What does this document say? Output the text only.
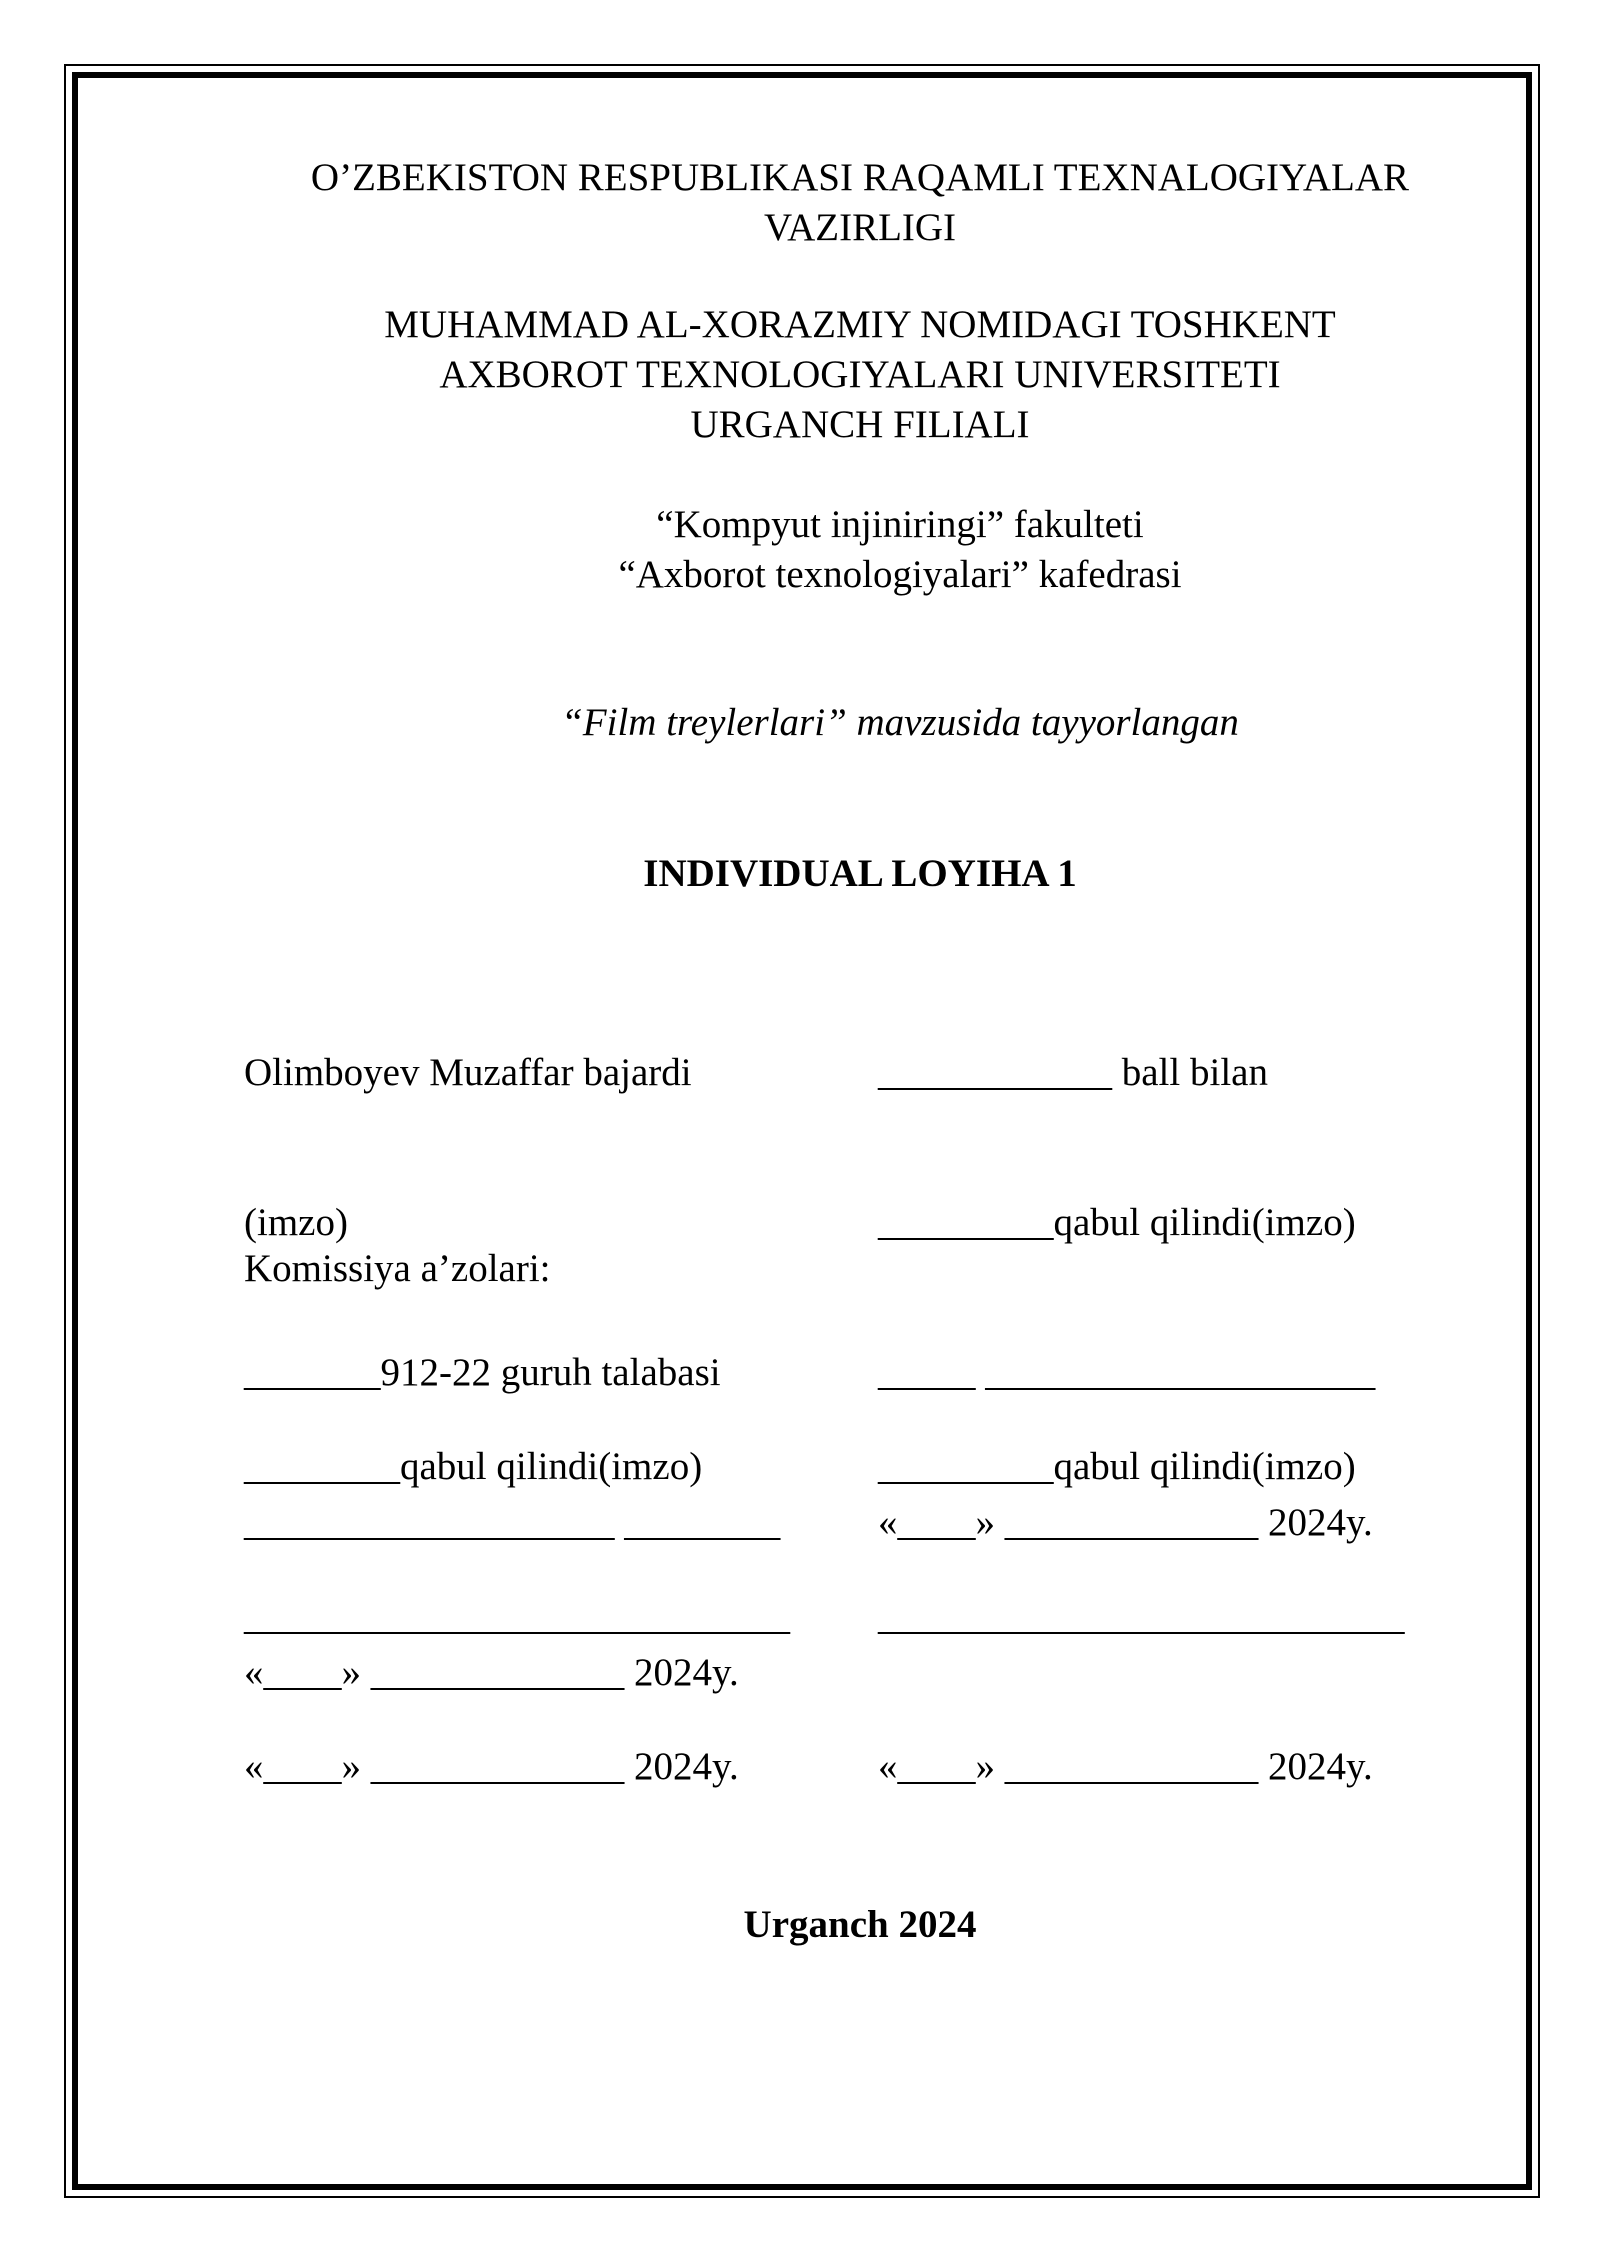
O’ZBEKISTON RESPUBLIKASI RAQAMLI TEXNALOGIYALAR
VAZIRLIGI
MUHAMMAD AL-XORAZMIY NOMIDAGI TOSHKENT
AXBOROT TEXNOLOGIYALARI UNIVERSITETI
URGANCH FILIALI
“Kompyut injiniringi” fakulteti
“Axborot texnologiyalari” kafedrasi
“Film treylerlari” mavzusida tayyorlangan
INDIVIDUAL LOYIHA 1

Olimboyev Muzaffar bajardi

(imzo)

_______912-22 guruh talabasi

___________________ ________

«____» _____________ 2024y.

____________ ball bilan

_________qabul qilindi(imzo)

_____ ____________________

«____» _____________ 2024y.

Komissiya a’zolari:

________qabul qilindi(imzo)

____________________________

«____» _____________ 2024y.

_________qabul qilindi(imzo)

___________________________

«____» _____________ 2024y.

Urganch 2024
